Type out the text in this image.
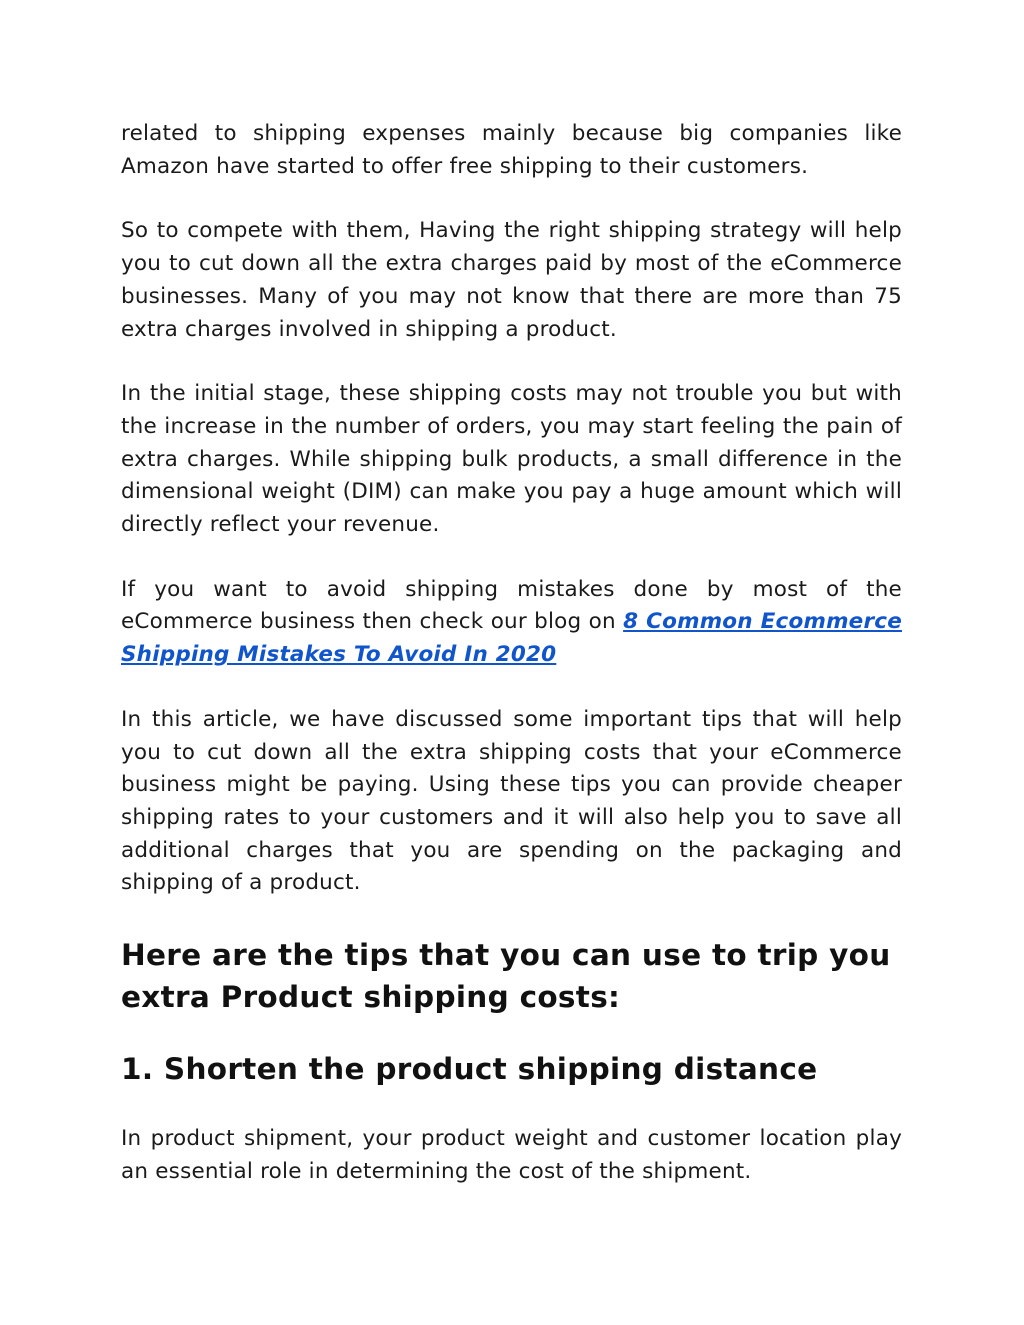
related to shipping expenses mainly because big companies like Amazon have started to offer free shipping to their customers.

So to compete with them, Having the right shipping strategy will help you to cut down all the extra charges paid by most of the eCommerce businesses. Many of you may not know that there are more than 75 extra charges involved in shipping a product.

In the initial stage, these shipping costs may not trouble you but with the increase in the number of orders, you may start feeling the pain of extra charges. While shipping bulk products, a small difference in the dimensional weight (DIM) can make you pay a huge amount which will directly reflect your revenue.

If you want to avoid shipping mistakes done by most of the eCommerce business then check our blog on 8 Common Ecommerce Shipping Mistakes To Avoid In 2020

In this article, we have discussed some important tips that will help you to cut down all the extra shipping costs that your eCommerce business might be paying. Using these tips you can provide cheaper shipping rates to your customers and it will also help you to save all additional charges that you are spending on the packaging and shipping of a product.

Here are the tips that you can use to trip you extra Product shipping costs:
1. Shorten the product shipping distance

In product shipment, your product weight and customer location play an essential role in determining the cost of the shipment.
